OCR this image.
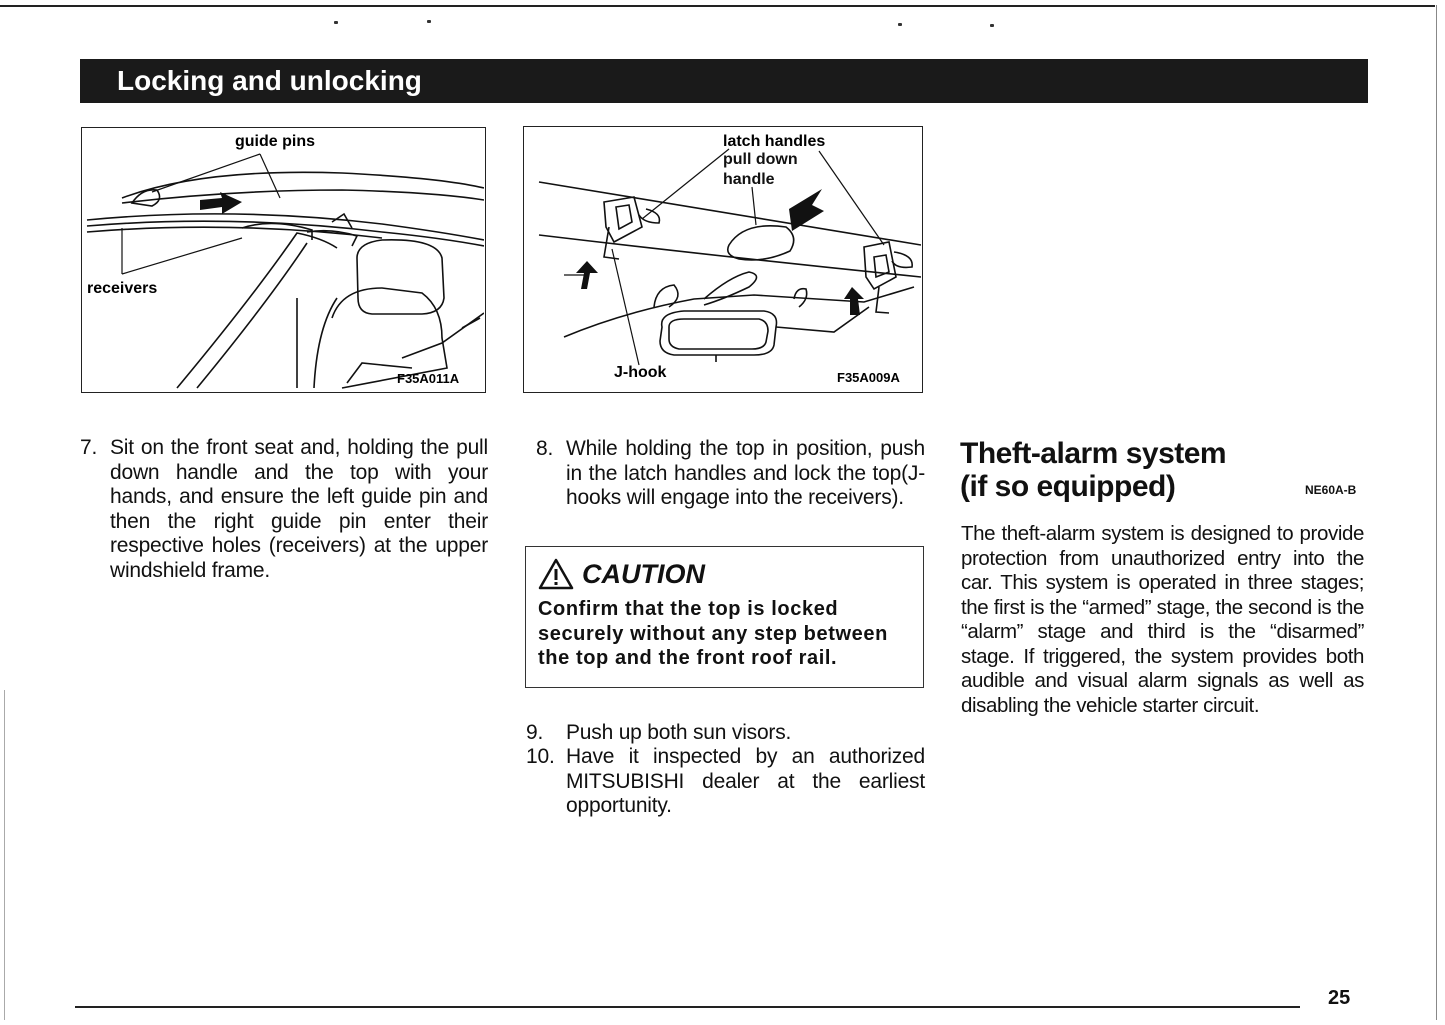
Locking and unlocking
guide pins
receivers
F35A011A
latch handles
pull down handle
J-hook	F35A009A
7. Sit on the front seat and, holding the pull down handle and the top with your hands, and ensure the left guide pin and then the right guide pin enter their respective holes (receivers) at the upper windshield frame.
8. While holding the top in position, push in the latch handles and lock the top(J-hooks will engage into the receivers).
CAUTION
Confirm that the top is locked securely without any step between the top and the front roof rail.
9.	Push up both sun visors.
10. Have it inspected by an authorized MITSUBISHI dealer at the earliest opportunity.
Theft-alarm system
(if so equipped)	NE60A-B
The theft-alarm system is designed to provide protection from unauthorized entry into the car. This system is operated in three stages; the first is the “armed” stage, the second is the “alarm” stage and third is the “disarmed” stage. If triggered, the system provides both audible and visual alarm signals as well as disabling the vehicle starter circuit.
25
